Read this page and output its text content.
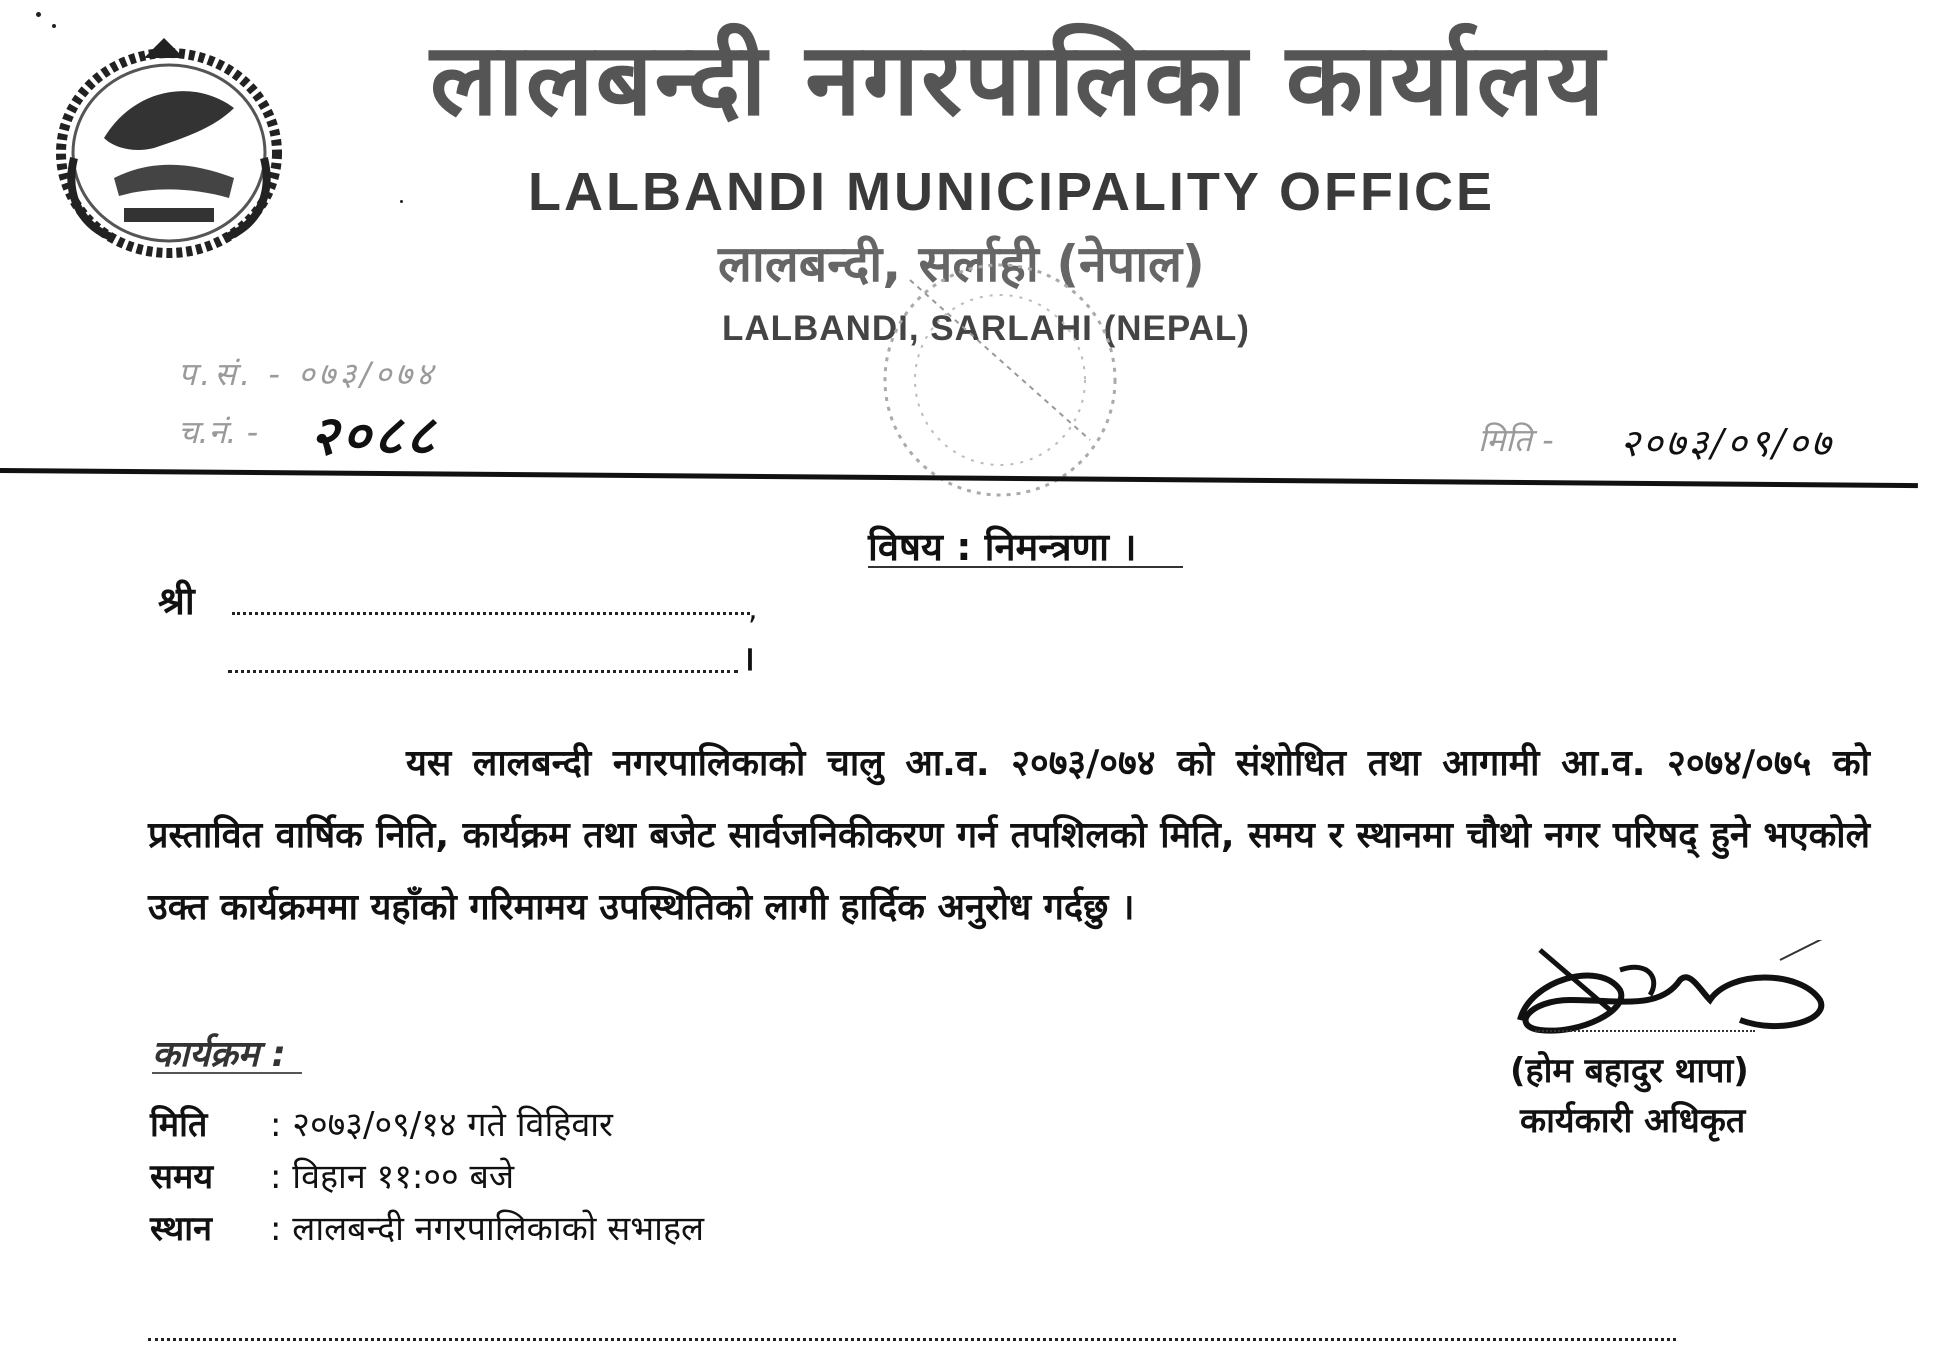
लालबन्दी नगरपालिका कार्यालय
LALBANDI MUNICIPALITY OFFICE
लालबन्दी, सर्लाही (नेपाल)
LALBANDI, SARLAHI (NEPAL)
प.सं. - ०७३/०७४
च.नं. - २०८८	मिति - २०७३/०९/०७
विषय : निमन्त्रणा ।
श्री	,
।
यस लालबन्दी नगरपालिकाको चालु आ.व. २०७३/०७४ को संशोधित तथा आगामी आ.व. २०७४/०७५ को प्रस्तावित वार्षिक निति, कार्यक्रम तथा बजेट सार्वजनिकीकरण गर्न तपशिलको मिति, समय र स्थानमा चौथो नगर परिषद् हुने भएकोले उक्त कार्यक्रममा यहाँको गरिमामय उपस्थितिको लागी हार्दिक अनुरोध गर्दछु ।
कार्यक्रम :
मिति : २०७३/०९/१४ गते विहिवार
समय : विहान ११:०० बजे
स्थान : लालबन्दी नगरपालिकाको सभाहल
(होम बहादुर थापा)
कार्यकारी अधिकृत
